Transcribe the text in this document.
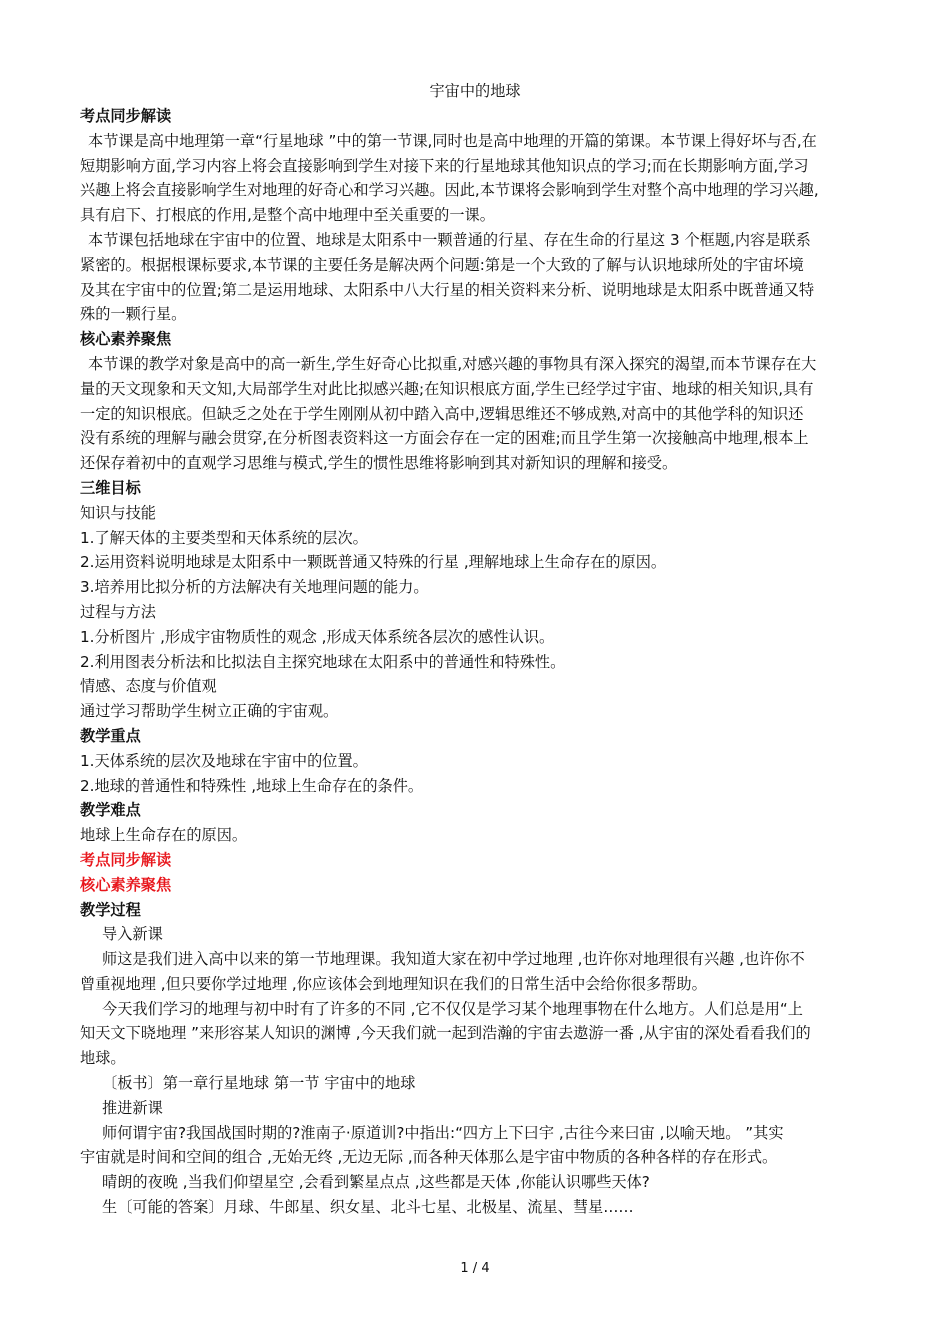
宇宙中的地球
考点同步解读
本节课是高中地理第一章“行星地球 ”中的第一节课,同时也是高中地理的开篇的第课。本节课上得好坏与否,在
短期影响方面,学习内容上将会直接影响到学生对接下来的行星地球其他知识点的学习;而在长期影响方面,学习
兴趣上将会直接影响学生对地理的好奇心和学习兴趣。因此,本节课将会影响到学生对整个高中地理的学习兴趣,
具有启下、打根底的作用,是整个高中地理中至关重要的一课。
本节课包括地球在宇宙中的位置、地球是太阳系中一颗普通的行星、存在生命的行星这 3 个框题,内容是联系
紧密的。根据根课标要求,本节课的主要任务是解决两个问题:第是一个大致的了解与认识地球所处的宇宙坏境
及其在宇宙中的位置;第二是运用地球、太阳系中八大行星的相关资料来分析、说明地球是太阳系中既普通又特
殊的一颗行星。
核心素养聚焦
本节课的教学对象是高中的高一新生,学生好奇心比拟重,对感兴趣的事物具有深入探究的渴望,而本节课存在大
量的天文现象和天文知,大局部学生对此比拟感兴趣;在知识根底方面,学生已经学过宇宙、地球的相关知识,具有
一定的知识根底。但缺乏之处在于学生刚刚从初中踏入高中,逻辑思维还不够成熟,对高中的其他学科的知识还
没有系统的理解与融会贯穿,在分析图表资料这一方面会存在一定的困难;而且学生第一次接触高中地理,根本上
还保存着初中的直观学习思维与模式,学生的惯性思维将影响到其对新知识的理解和接受。
三维目标
知识与技能
1.了解天体的主要类型和天体系统的层次。
2.运用资料说明地球是太阳系中一颗既普通又特殊的行星 ,理解地球上生命存在的原因。
3.培养用比拟分析的方法解决有关地理问题的能力。
过程与方法
1.分析图片 ,形成宇宙物质性的观念 ,形成天体系统各层次的感性认识。
2.利用图表分析法和比拟法自主探究地球在太阳系中的普通性和特殊性。
情感、态度与价值观
通过学习帮助学生树立正确的宇宙观。
教学重点
1.天体系统的层次及地球在宇宙中的位置。
2.地球的普通性和特殊性 ,地球上生命存在的条件。
教学难点
地球上生命存在的原因。
考点同步解读
核心素养聚焦
教学过程
导入新课
师这是我们进入高中以来的第一节地理课。我知道大家在初中学过地理 ,也许你对地理很有兴趣 ,也许你不
曾重视地理 ,但只要你学过地理 ,你应该体会到地理知识在我们的日常生活中会给你很多帮助。
今天我们学习的地理与初中时有了许多的不同 ,它不仅仅是学习某个地理事物在什么地方。人们总是用“上
知天文下晓地理 ”来形容某人知识的渊博 ,今天我们就一起到浩瀚的宇宙去遨游一番 ,从宇宙的深处看看我们的
地球。
〔板书〕第一章行星地球 第一节 宇宙中的地球
推进新课
师何谓宇宙?我国战国时期的?淮南子·原道训?中指出:“四方上下曰宇 ,古往今来曰宙 ,以喻天地。 ”其实
宇宙就是时间和空间的组合 ,无始无终 ,无边无际 ,而各种天体那么是宇宙中物质的各种各样的存在形式。
晴朗的夜晚 ,当我们仰望星空 ,会看到繁星点点 ,这些都是天体 ,你能认识哪些天体?
生〔可能的答案〕月球、牛郎星、织女星、北斗七星、北极星、流星、彗星……
1 / 4
